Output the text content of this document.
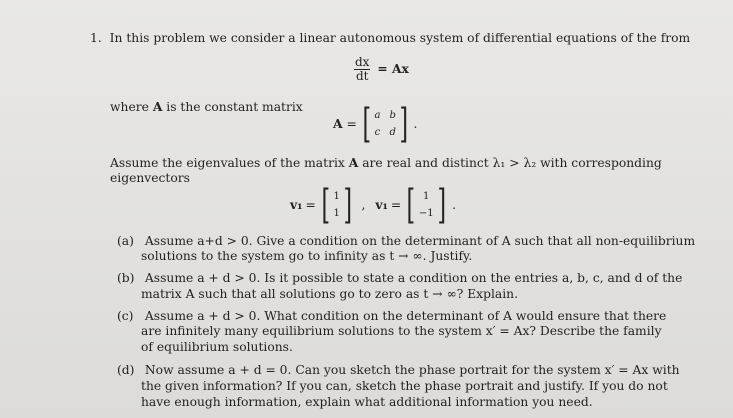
1. In this problem we consider a linear autonomous system of differential equations of the from
$\frac{dx}{dt} = Ax$
where A is the constant matrix
A = [ a b
c d ] .
Assume the eigenvalues of the matrix A are real and distinct λ₁ > λ₂ with corresponding
eigenvectors
v₁ = [ 1
1 ] , v₁ = [ 1
−1 ] .
(a) Assume a+d > 0. Give a condition on the determinant of A such that all non-equilibrium
solutions to the system go to infinity as t → ∞. Justify.
(b) Assume a + d > 0. Is it possible to state a condition on the entries a, b, c, and d of the
matrix A such that all solutions go to zero as t → ∞? Explain.
(c) Assume a + d > 0. What condition on the determinant of A would ensure that there
are infinitely many equilibrium solutions to the system x′ = Ax? Describe the family
of equilibrium solutions.
(d) Now assume a + d = 0. Can you sketch the phase portrait for the system x′ = Ax with
the given information? If you can, sketch the phase portrait and justify. If you do not
have enough information, explain what additional information you need.
